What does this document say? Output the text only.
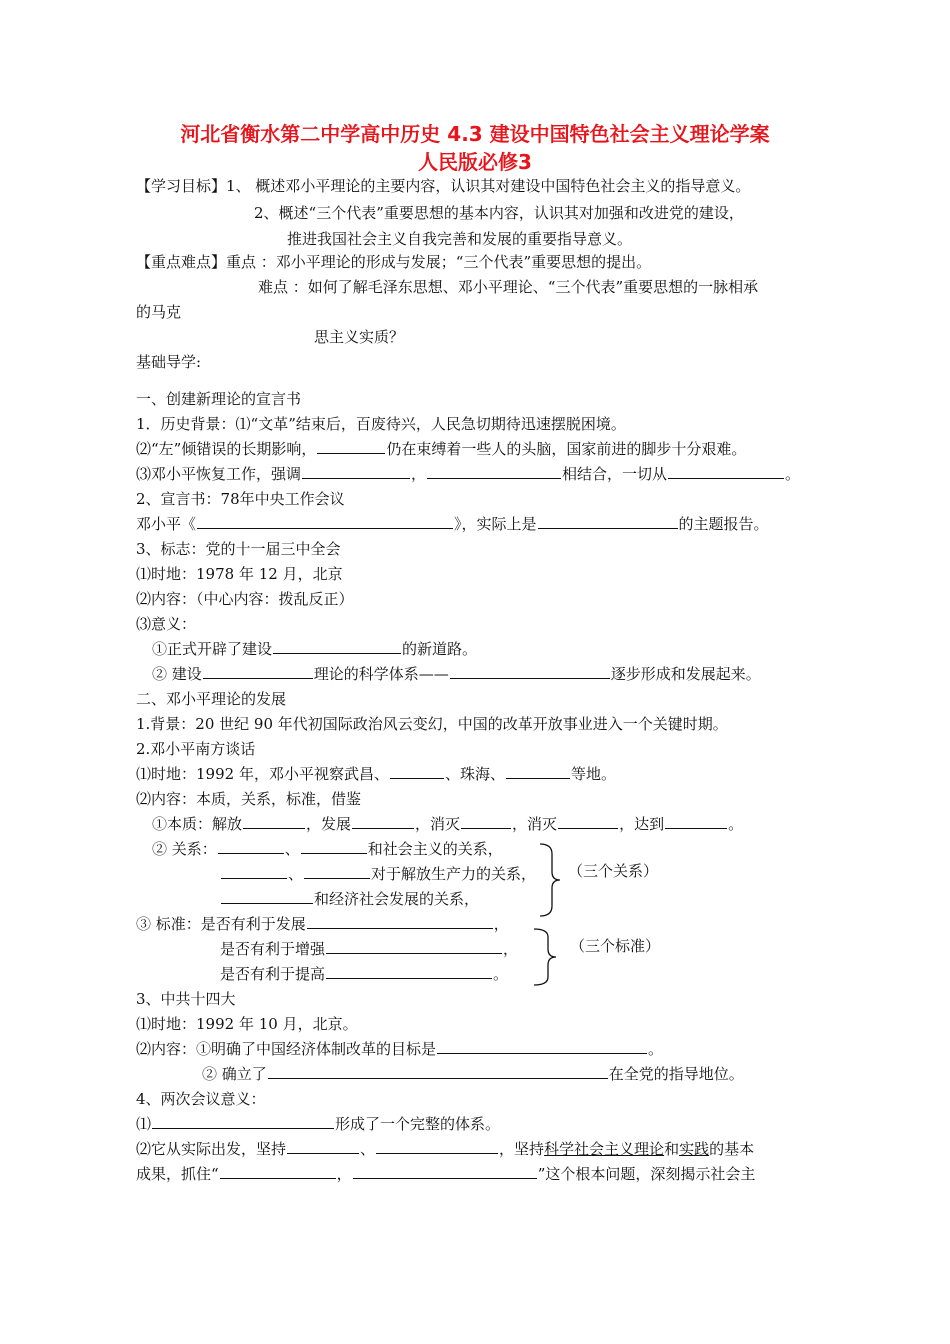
河北省衡水第二中学高中历史 4.3 建设中国特色社会主义理论学案
人民版必修3
【学习目标】1、 概述邓小平理论的主要内容，认识其对建设中国特色社会主义的指导意义。
2、概述“三个代表”重要思想的基本内容，认识其对加强和改进党的建设，
推进我国社会主义自我完善和发展的重要指导意义。
【重点难点】重点 ：邓小平理论的形成与发展；“三个代表”重要思想的提出。
难点 ：如何了解毛泽东思想、邓小平理论、“三个代表”重要思想的一脉相承
的马克
思主义实质？
基础导学:
一、创建新理论的宣言书
1．历史背景：⑴“文革”结束后，百废待兴，人民急切期待迅速摆脱困境。
⑵“左”倾错误的长期影响，	仍在束缚着一些人的头脑，国家前进的脚步十分艰难。
⑶邓小平恢复工作，强调	，	相结合，一切从	。
2、宣言书：78年中央工作会议
邓小平《	》，实际上是	的主题报告。
3、标志：党的十一届三中全会
⑴时地：1978 年 12 月，北京
⑵内容：（中心内容：拨乱反正）
⑶意义：
①正式开辟了建设	的新道路。
② 建设	理论的科学体系——	逐步形成和发展起来。
二、邓小平理论的发展
1.背景：20 世纪 90 年代初国际政治风云变幻，中国的改革开放事业进入一个关键时期。
2.邓小平南方谈话
⑴时地：1992 年，邓小平视察武昌、	、珠海、	等地。
⑵内容：本质，关系，标准，借鉴
①本质：解放	，发展	，消灭	，消灭	，达到	。
② 关系：	、	和社会主义的关系，
、	对于解放生产力的关系，
和经济社会发展的关系，
（三个关系）
③ 标准：是否有利于发展	，
是否有利于增强	，
是否有利于提高	。
（三个标准）
3、中共十四大
⑴时地：1992 年 10 月，北京。
⑵内容：①明确了中国经济体制改革的目标是	。
② 确立了	在全党的指导地位。
4、两次会议意义：
⑴	形成了一个完整的体系。
⑵它从实际出发，坚持	、	，坚持科学社会主义理论和实践的基本
成果，抓住“	，	”这个根本问题，深刻揭示社会主
